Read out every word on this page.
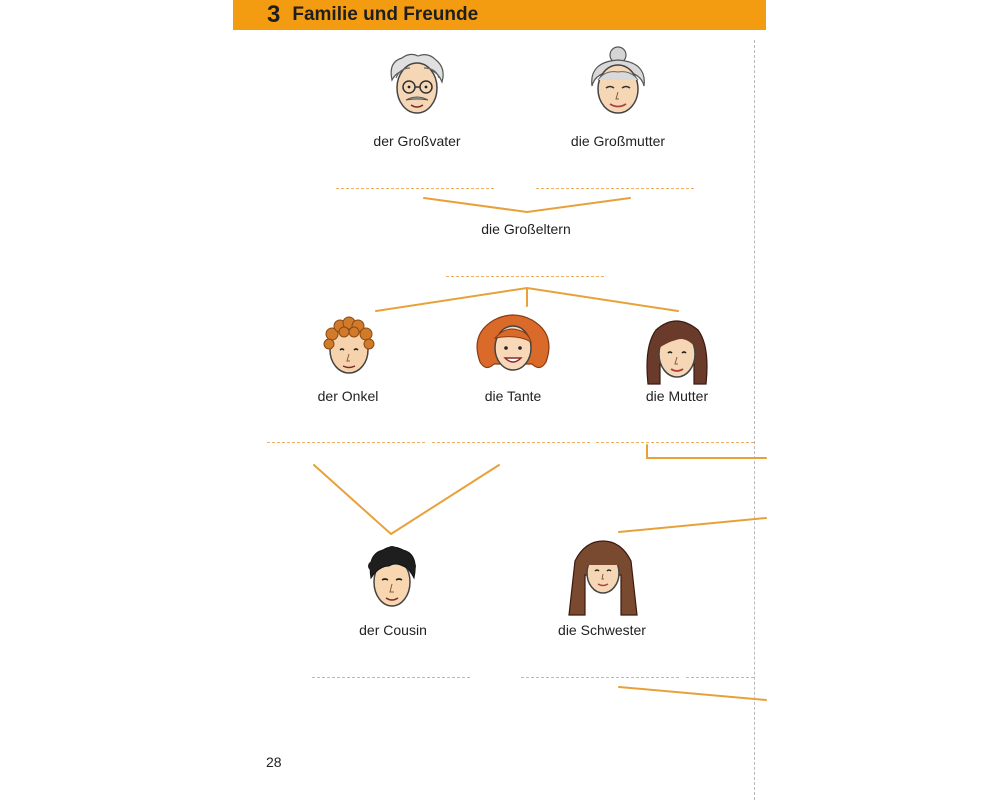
3 Familie und Freunde
der Großvater	die Großmutter
die Großeltern
der Onkel	die Tante	die Mutter
der Cousin	die Schwester
28
